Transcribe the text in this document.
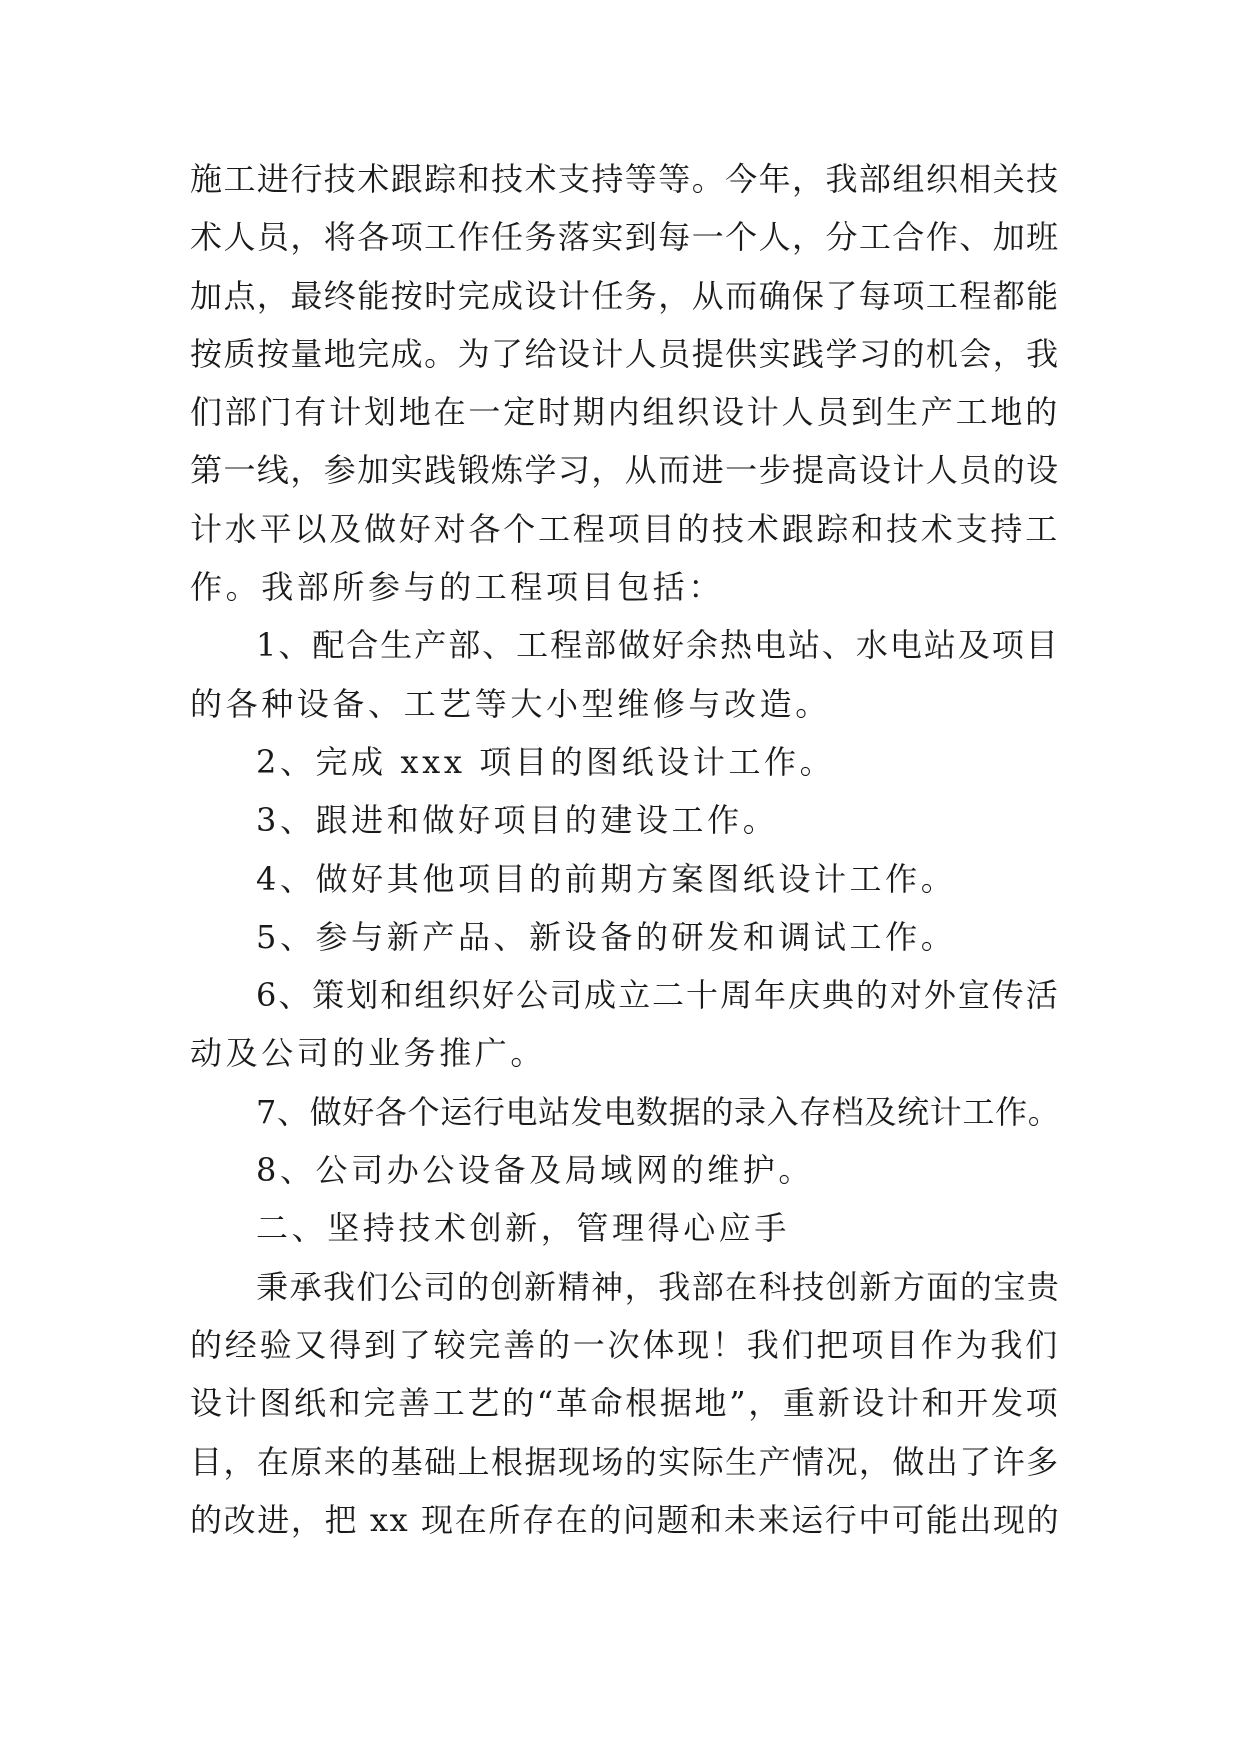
施工进行技术跟踪和技术支持等等。今年，我部组织相关技
术人员，将各项工作任务落实到每一个人，分工合作、加班
加点，最终能按时完成设计任务，从而确保了每项工程都能
按质按量地完成。为了给设计人员提供实践学习的机会，我
们部门有计划地在一定时期内组织设计人员到生产工地的
第一线，参加实践锻炼学习，从而进一步提高设计人员的设
计水平以及做好对各个工程项目的技术跟踪和技术支持工
作。我部所参与的工程项目包括：
1、配合生产部、工程部做好余热电站、水电站及项目
的各种设备、工艺等大小型维修与改造。
2、完成 xxx 项目的图纸设计工作。
3、跟进和做好项目的建设工作。
4、做好其他项目的前期方案图纸设计工作。
5、参与新产品、新设备的研发和调试工作。
6、策划和组织好公司成立二十周年庆典的对外宣传活
动及公司的业务推广。
7、做好各个运行电站发电数据的录入存档及统计工作。
8、公司办公设备及局域网的维护。
二、坚持技术创新，管理得心应手
秉承我们公司的创新精神，我部在科技创新方面的宝贵
的经验又得到了较完善的一次体现！我们把项目作为我们
设计图纸和完善工艺的“革命根据地”，重新设计和开发项
目，在原来的基础上根据现场的实际生产情况，做出了许多
的改进，把 xx 现在所存在的问题和未来运行中可能出现的
